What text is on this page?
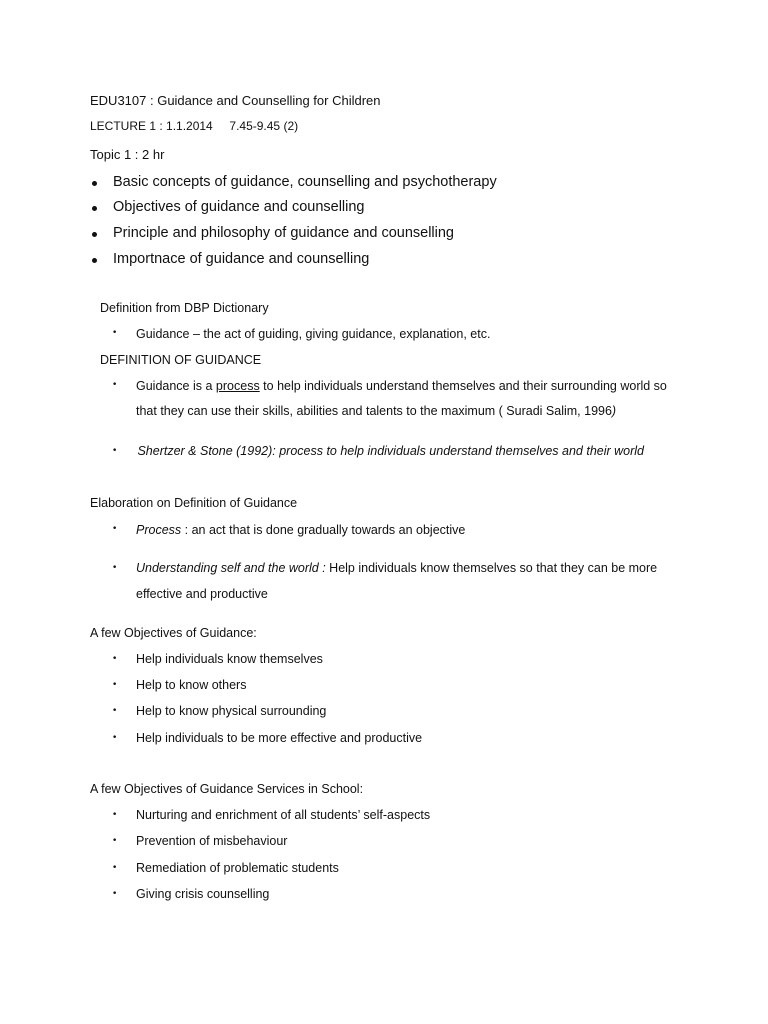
EDU3107 : Guidance and Counselling for Children
LECTURE 1 : 1.1.2014     7.45-9.45 (2)
Topic 1 : 2 hr
Basic concepts of guidance, counselling and psychotherapy
Objectives of guidance and counselling
Principle and philosophy of guidance and counselling
Importnace of guidance and counselling
Definition from DBP Dictionary
• Guidance – the act of guiding, giving guidance, explanation, etc.
DEFINITION OF GUIDANCE
• Guidance is a process to help individuals understand themselves and their surrounding world so
that they can use their skills, abilities and talents to the maximum ( Suradi Salim, 1996)
• Shertzer & Stone (1992): process to help individuals understand themselves and their world
Elaboration on Definition of Guidance
• Process : an act that is done gradually towards an objective
• Understanding self and the world : Help individuals know themselves so that they can be more
effective and productive
A few Objectives of Guidance:
• Help individuals know themselves
• Help to know others
• Help to know physical surrounding
• Help individuals to be more effective and productive
A few Objectives of Guidance Services in School:
• Nurturing and enrichment of all students’ self-aspects
• Prevention of misbehaviour
• Remediation of problematic students
• Giving crisis counselling
